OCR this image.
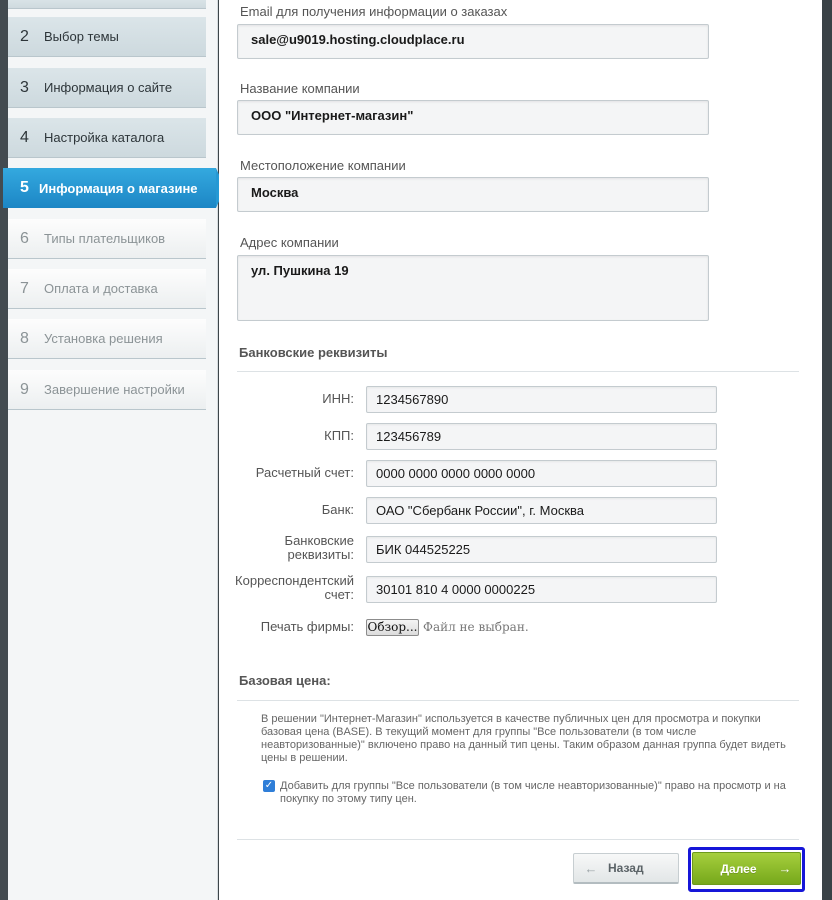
2	Выбор темы
3	Информация о сайте
4	Настройка каталога
5 Информация о магазине
6	Типы плательщиков
7	Оплата и доставка
8	Установка решения
9	Завершение настройки
Email для получения информации о заказах
sale@u9019.hosting.cloudplace.ru
Название компании
ООО "Интернет-магазин"
Местоположение компании
Москва
Адрес компании
ул. Пушкина 19
Банковские реквизиты
ИНН:	1234567890
КПП:	123456789
Расчетный счет:	0000 0000 0000 0000 0000
Банк:	ОАО "Сбербанк России", г. Москва
Банковские
реквизиты:	БИК 044525225
Корреспондентский
счет:	30101 810 4 0000 0000225
Печать фирмы: Обзор... Файл не выбран.
Базовая цена:
В решении "Интернет-Магазин" используется в качестве публичных цен для просмотра и покупки
базовая цена (BASE). В текущий момент для группы "Все пользователи (в том числе
неавторизованные)" включено право на данный тип цены. Таким образом данная группа будет видеть
цены в решении.
✓ Добавить для группы "Все пользователи (в том числе неавторизованные)" право на просмотр и на
покупку по этому типу цен.
← Назад	Далее	→
